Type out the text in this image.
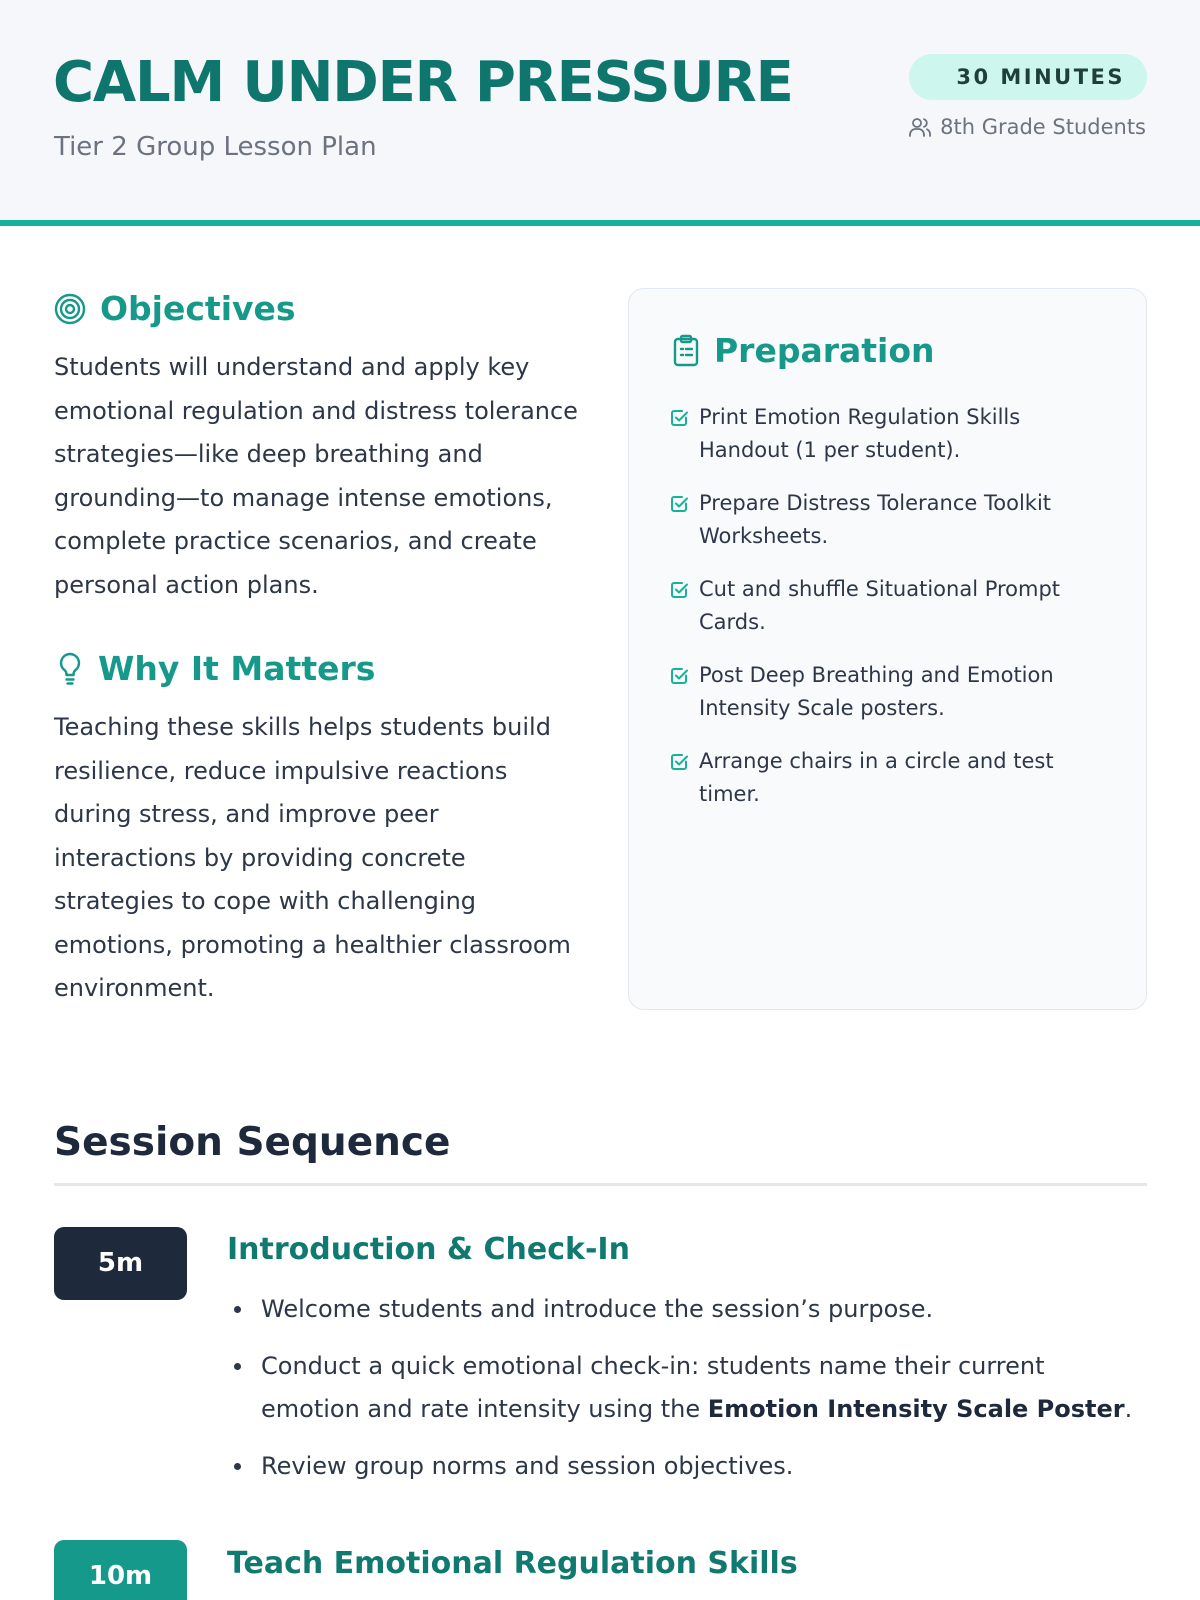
CALM UNDER PRESSURE
Tier 2 Group Lesson Plan
30 MINUTES
8th Grade Students
Objectives

Students will understand and apply key emotional regulation and distress tolerance strategies—like deep breathing and grounding—to manage intense emotions, complete practice scenarios, and create personal action plans.

Why It Matters

Teaching these skills helps students build resilience, reduce impulsive reactions during stress, and improve peer interactions by providing concrete strategies to cope with challenging emotions, promoting a healthier classroom environment.

Preparation
Print Emotion Regulation Skills Handout (1 per student).
Prepare Distress Tolerance Toolkit Worksheets.
Cut and shuffle Situational Prompt Cards.
Post Deep Breathing and Emotion Intensity Scale posters.
Arrange chairs in a circle and test timer.
Session Sequence
5m	Introduction & Check-In
Welcome students and introduce the session’s purpose.
Conduct a quick emotional check-in: students name their current emotion and rate intensity using the Emotion Intensity Scale Poster.
Review group norms and session objectives.
10m	Teach Emotional Regulation Skills
